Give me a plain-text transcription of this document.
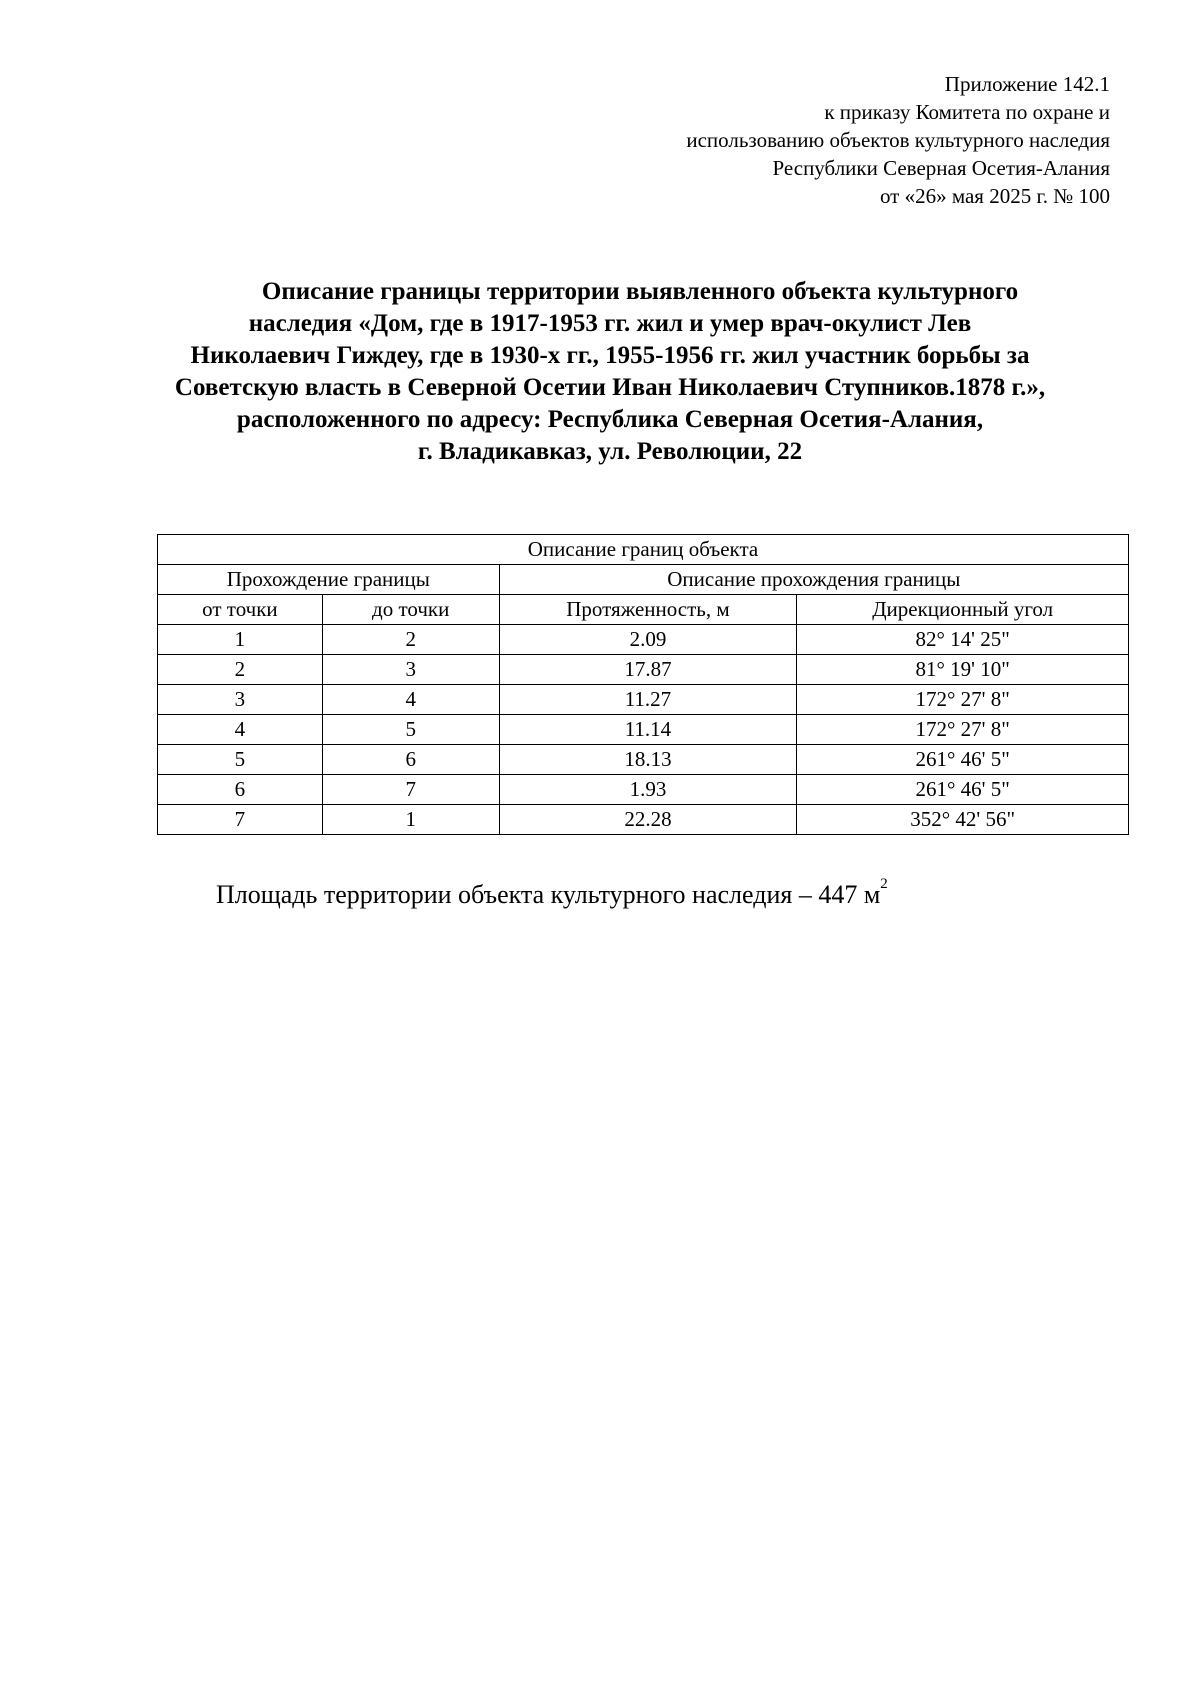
Приложение 142.1
к приказу Комитета по охране и
использованию объектов культурного наследия
Республики Северная Осетия-Алания
от «26» мая 2025 г. № 100
Описание границы территории выявленного объекта культурного
наследия «Дом, где в 1917-1953 гг. жил и умер врач-окулист Лев
Николаевич Гиждеу, где в 1930-х гг., 1955-1956 гг. жил участник борьбы за
Советскую власть в Северной Осетии Иван Николаевич Ступников.1878 г.»,
расположенного по адресу: Республика Северная Осетия-Алания,
г. Владикавказ, ул. Революции, 22
Описание границ объекта			
Прохождение границы		Описание прохождения границы	
от точки	до точки	Протяженность, м	Дирекционный угол
1	2	2.09	82° 14' 25"
2	3	17.87	81° 19' 10"
3	4	11.27	172° 27' 8"
4	5	11.14	172° 27' 8"
5	6	18.13	261° 46' 5"
6	7	1.93	261° 46' 5"
7	1	22.28	352° 42' 56"
Площадь территории объекта культурного наследия – 447 $м^2$
